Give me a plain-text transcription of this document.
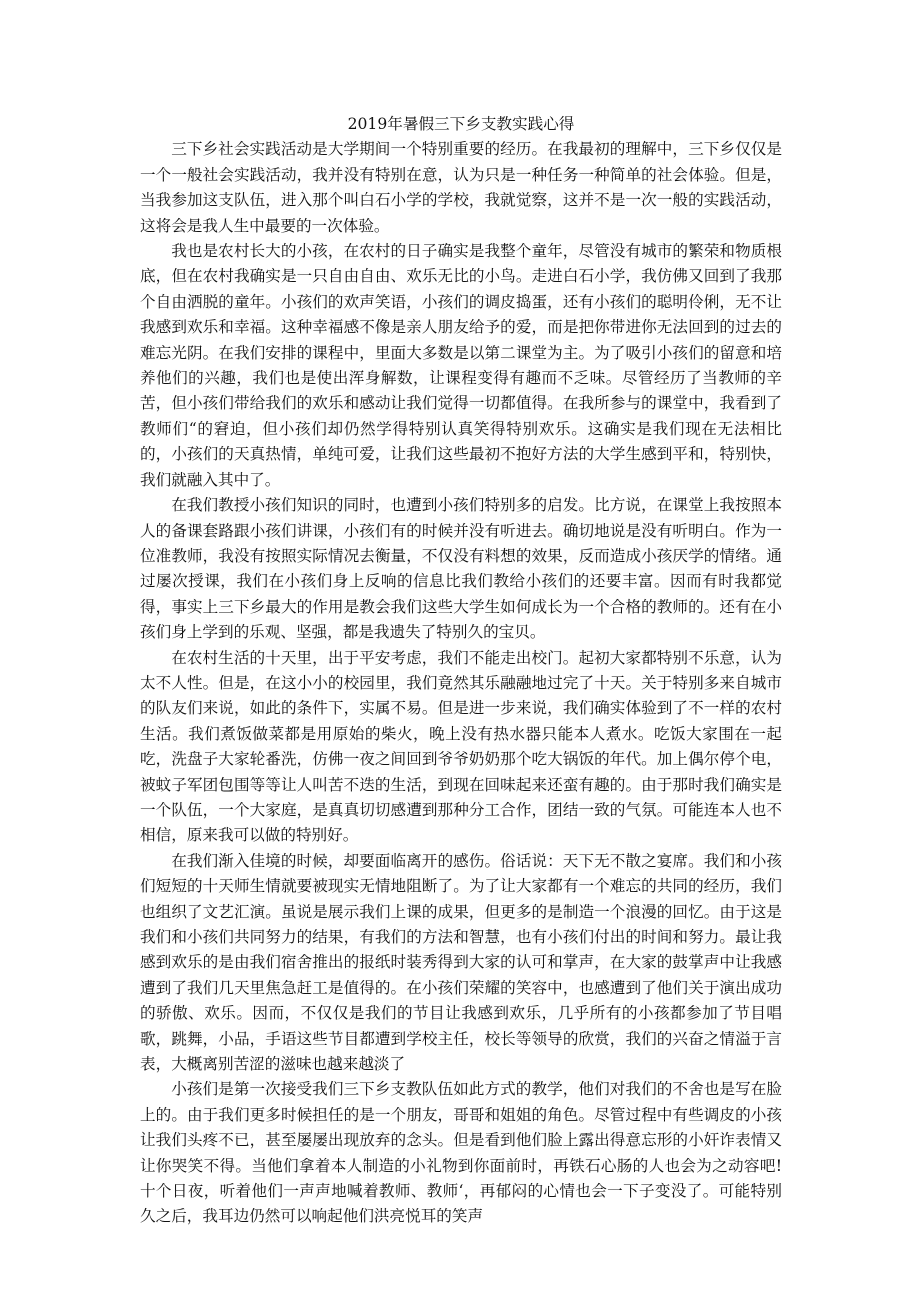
2019年暑假三下乡支教实践心得

三下乡社会实践活动是大学期间一个特别重要的经历。在我最初的理解中，三下乡仅仅是一个一般社会实践活动，我并没有特别在意，认为只是一种任务一种简单的社会体验。但是，当我参加这支队伍，进入那个叫白石小学的学校，我就觉察，这并不是一次一般的实践活动，这将会是我人生中最要的一次体验。

我也是农村长大的小孩，在农村的日子确实是我整个童年，尽管没有城市的繁荣和物质根底，但在农村我确实是一只自由自由、欢乐无比的小鸟。走进白石小学，我仿佛又回到了我那个自由洒脱的童年。小孩们的欢声笑语，小孩们的调皮捣蛋，还有小孩们的聪明伶俐，无不让我感到欢乐和幸福。这种幸福感不像是亲人朋友给予的爱，而是把你带进你无法回到的过去的难忘光阴。在我们安排的课程中，里面大多数是以第二课堂为主。为了吸引小孩们的留意和培养他们的兴趣，我们也是使出浑身解数，让课程变得有趣而不乏味。尽管经历了当教师的辛苦，但小孩们带给我们的欢乐和感动让我们觉得一切都值得。在我所参与的课堂中，我看到了教师们“的窘迫，但小孩们却仍然学得特别认真笑得特别欢乐。这确实是我们现在无法相比的，小孩们的天真热情，单纯可爱，让我们这些最初不抱好方法的大学生感到平和，特别快，我们就融入其中了。

在我们教授小孩们知识的同时，也遭到小孩们特别多的启发。比方说，在课堂上我按照本人的备课套路跟小孩们讲课，小孩们有的时候并没有听进去。确切地说是没有听明白。作为一位准教师，我没有按照实际情况去衡量，不仅没有料想的效果，反而造成小孩厌学的情绪。通过屡次授课，我们在小孩们身上反响的信息比我们教给小孩们的还要丰富。因而有时我都觉得，事实上三下乡最大的作用是教会我们这些大学生如何成长为一个合格的教师的。还有在小孩们身上学到的乐观、坚强，都是我遗失了特别久的宝贝。

在农村生活的十天里，出于平安考虑，我们不能走出校门。起初大家都特别不乐意，认为太不人性。但是，在这小小的校园里，我们竟然其乐融融地过完了十天。关于特别多来自城市的队友们来说，如此的条件下，实属不易。但是进一步来说，我们确实体验到了不一样的农村生活。我们煮饭做菜都是用原始的柴火，晚上没有热水器只能本人煮水。吃饭大家围在一起吃，洗盘子大家轮番洗，仿佛一夜之间回到爷爷奶奶那个吃大锅饭的年代。加上偶尔停个电，被蚊子军团包围等等让人叫苦不迭的生活，到现在回味起来还蛮有趣的。由于那时我们确实是一个队伍，一个大家庭，是真真切切感遭到那种分工合作，团结一致的气氛。可能连本人也不相信，原来我可以做的特别好。

在我们渐入佳境的时候，却要面临离开的感伤。俗话说：天下无不散之宴席。我们和小孩们短短的十天师生情就要被现实无情地阻断了。为了让大家都有一个难忘的共同的经历，我们也组织了文艺汇演。虽说是展示我们上课的成果，但更多的是制造一个浪漫的回忆。由于这是我们和小孩们共同努力的结果，有我们的方法和智慧，也有小孩们付出的时间和努力。最让我感到欢乐的是由我们宿舍推出的报纸时装秀得到大家的认可和掌声，在大家的鼓掌声中让我感遭到了我们几天里焦急赶工是值得的。在小孩们荣耀的笑容中，也感遭到了他们关于演出成功的骄傲、欢乐。因而，不仅仅是我们的节目让我感到欢乐，几乎所有的小孩都参加了节目唱歌，跳舞，小品，手语这些节目都遭到学校主任，校长等领导的欣赏，我们的兴奋之情溢于言表，大概离别苦涩的滋味也越来越淡了

小孩们是第一次接受我们三下乡支教队伍如此方式的教学，他们对我们的不舍也是写在脸上的。由于我们更多时候担任的是一个朋友，哥哥和姐姐的角色。尽管过程中有些调皮的小孩让我们头疼不已，甚至屡屡出现放弃的念头。但是看到他们脸上露出得意忘形的小奸诈表情又让你哭笑不得。当他们拿着本人制造的小礼物到你面前时，再铁石心肠的人也会为之动容吧!十个日夜，听着他们一声声地喊着教师、教师‘，再郁闷的心情也会一下子变没了。可能特别久之后，我耳边仍然可以响起他们洪亮悦耳的笑声
